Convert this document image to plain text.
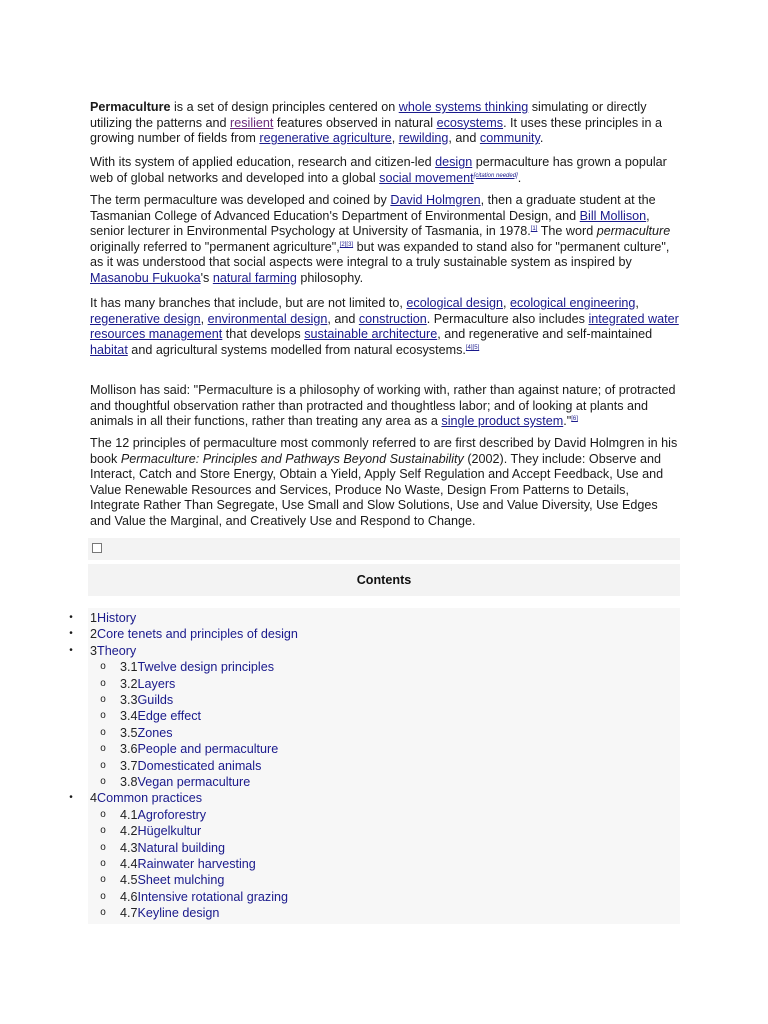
Permaculture is a set of design principles centered on whole systems thinking simulating or directly utilizing the patterns and resilient features observed in natural ecosystems. It uses these principles in a growing number of fields from regenerative agriculture, rewilding, and community.

With its system of applied education, research and citizen-led design permaculture has grown a popular web of global networks and developed into a global social movement[citation needed].

The term permaculture was developed and coined by David Holmgren, then a graduate student at the Tasmanian College of Advanced Education's Department of Environmental Design, and Bill Mollison, senior lecturer in Environmental Psychology at University of Tasmania, in 1978.[1] The word permaculture originally referred to "permanent agriculture",[2][3] but was expanded to stand also for "permanent culture", as it was understood that social aspects were integral to a truly sustainable system as inspired by Masanobu Fukuoka's natural farming philosophy.

It has many branches that include, but are not limited to, ecological design, ecological engineering, regenerative design, environmental design, and construction. Permaculture also includes integrated water resources management that develops sustainable architecture, and regenerative and self-maintained habitat and agricultural systems modelled from natural ecosystems.[4][5]

Mollison has said: "Permaculture is a philosophy of working with, rather than against nature; of protracted and thoughtful observation rather than protracted and thoughtless labor; and of looking at plants and animals in all their functions, rather than treating any area as a single product system."[6]

The 12 principles of permaculture most commonly referred to are first described by David Holmgren in his book Permaculture: Principles and Pathways Beyond Sustainability (2002). They include: Observe and Interact, Catch and Store Energy, Obtain a Yield, Apply Self Regulation and Accept Feedback, Use and Value Renewable Resources and Services, Produce No Waste, Design From Patterns to Details, Integrate Rather Than Segregate, Use Small and Slow Solutions, Use and Value Diversity, Use Edges and Value the Marginal, and Creatively Use and Respond to Change.

Contents
• 1History
• 2Core tenets and principles of design
• 3Theory
o 3.1Twelve design principles
o 3.2Layers
o 3.3Guilds
o 3.4Edge effect
o 3.5Zones
o 3.6People and permaculture
o 3.7Domesticated animals
o 3.8Vegan permaculture
• 4Common practices
o 4.1Agroforestry
o 4.2Hügelkultur
o 4.3Natural building
o 4.4Rainwater harvesting
o 4.5Sheet mulching
o 4.6Intensive rotational grazing
o 4.7Keyline design
